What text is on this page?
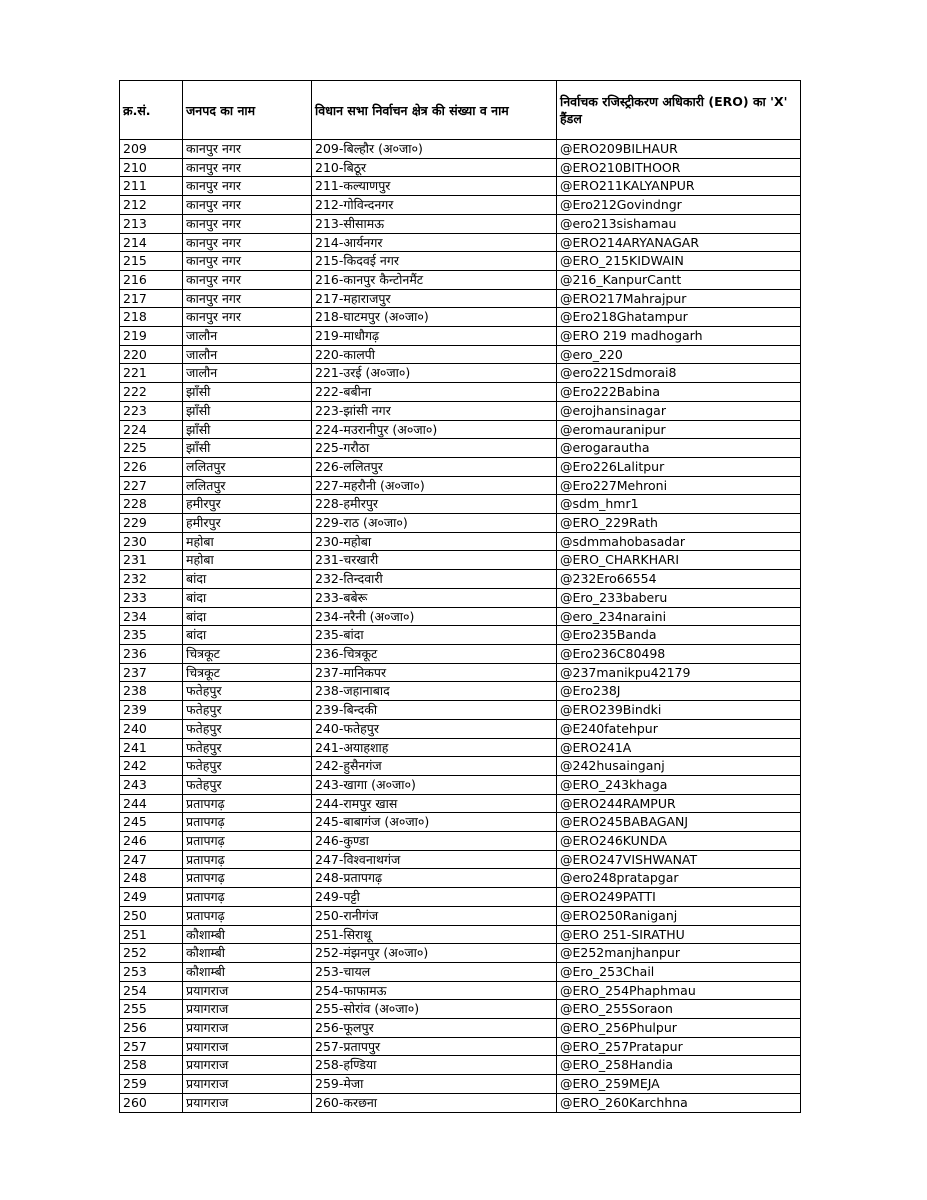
क्र.सं.	जनपद का नाम	विधान सभा निर्वाचन क्षेत्र की संख्या व नाम	निर्वाचक रजिस्ट्रीकरण अधिकारी (ERO) का 'X' हैंडल
209	कानपुर नगर	209-बिल्हौर (अ०जा०)	@ERO209BILHAUR
210	कानपुर नगर	210-बिठूर	@ERO210BITHOOR
211	कानपुर नगर	211-कल्याणपुर	@ERO211KALYANPUR
212	कानपुर नगर	212-गोविन्दनगर	@Ero212Govindngr
213	कानपुर नगर	213-सीसामऊ	@ero213sishamau
214	कानपुर नगर	214-आर्यनगर	@ERO214ARYANAGAR
215	कानपुर नगर	215-किदवई नगर	@ERO_215KIDWAIN
216	कानपुर नगर	216-कानपुर कैन्टोनमैंट	@216_KanpurCantt
217	कानपुर नगर	217-महाराजपुर	@ERO217Mahrajpur
218	कानपुर नगर	218-घाटमपुर (अ०जा०)	@Ero218Ghatampur
219	जालौन	219-माधौगढ़	@ERO 219 madhogarh
220	जालौन	220-कालपी	@ero_220
221	जालौन	221-उरई (अ०जा०)	@ero221Sdmorai8
222	झाँसी	222-बबीना	@Ero222Babina
223	झाँसी	223-झांसी नगर	@erojhansinagar
224	झाँसी	224-मउरानीपुर (अ०जा०)	@eromauranipur
225	झाँसी	225-गरौठा	@erogarautha
226	ललितपुर	226-ललितपुर	@Ero226Lalitpur
227	ललितपुर	227-महरौनी (अ०जा०)	@Ero227Mehroni
228	हमीरपुर	228-हमीरपुर	@sdm_hmr1
229	हमीरपुर	229-राठ (अ०जा०)	@ERO_229Rath
230	महोबा	230-महोबा	@sdmmahobasadar
231	महोबा	231-चरखारी	@ERO_CHARKHARI
232	बांदा	232-तिन्दवारी	@232Ero66554
233	बांदा	233-बबेरू	@Ero_233baberu
234	बांदा	234-नरैनी (अ०जा०)	@ero_234naraini
235	बांदा	235-बांदा	@Ero235Banda
236	चित्रकूट	236-चित्रकूट	@Ero236C80498
237	चित्रकूट	237-मानिकपर	@237manikpu42179
238	फतेहपुर	238-जहानाबाद	@Ero238J
239	फतेहपुर	239-बिन्दकी	@ERO239Bindki
240	फतेहपुर	240-फतेहपुर	@E240fatehpur
241	फतेहपुर	241-अयाहशाह	@ERO241A
242	फतेहपुर	242-हुसैनगंज	@242husainganj
243	फतेहपुर	243-खागा (अ०जा०)	@ERO_243khaga
244	प्रतापगढ़	244-रामपुर खास	@ERO244RAMPUR
245	प्रतापगढ़	245-बाबागंज (अ०जा०)	@ERO245BABAGANJ
246	प्रतापगढ़	246-कुण्डा	@ERO246KUNDA
247	प्रतापगढ़	247-विश्वनाथगंज	@ERO247VISHWANAT
248	प्रतापगढ़	248-प्रतापगढ़	@ero248pratapgar
249	प्रतापगढ़	249-पट्टी	@ERO249PATTI
250	प्रतापगढ़	250-रानीगंज	@ERO250Raniganj
251	कौशाम्बी	251-सिराथू	@ERO 251-SIRATHU
252	कौशाम्बी	252-मंझनपुर (अ०जा०)	@E252manjhanpur
253	कौशाम्बी	253-चायल	@Ero_253Chail
254	प्रयागराज	254-फाफामऊ	@ERO_254Phaphmau
255	प्रयागराज	255-सोरांव (अ०जा०)	@ERO_255Soraon
256	प्रयागराज	256-फूलपुर	@ERO_256Phulpur
257	प्रयागराज	257-प्रतापपुर	@ERO_257Pratapur
258	प्रयागराज	258-हण्डिया	@ERO_258Handia
259	प्रयागराज	259-मेजा	@ERO_259MEJA
260	प्रयागराज	260-करछना	@ERO_260Karchhna
